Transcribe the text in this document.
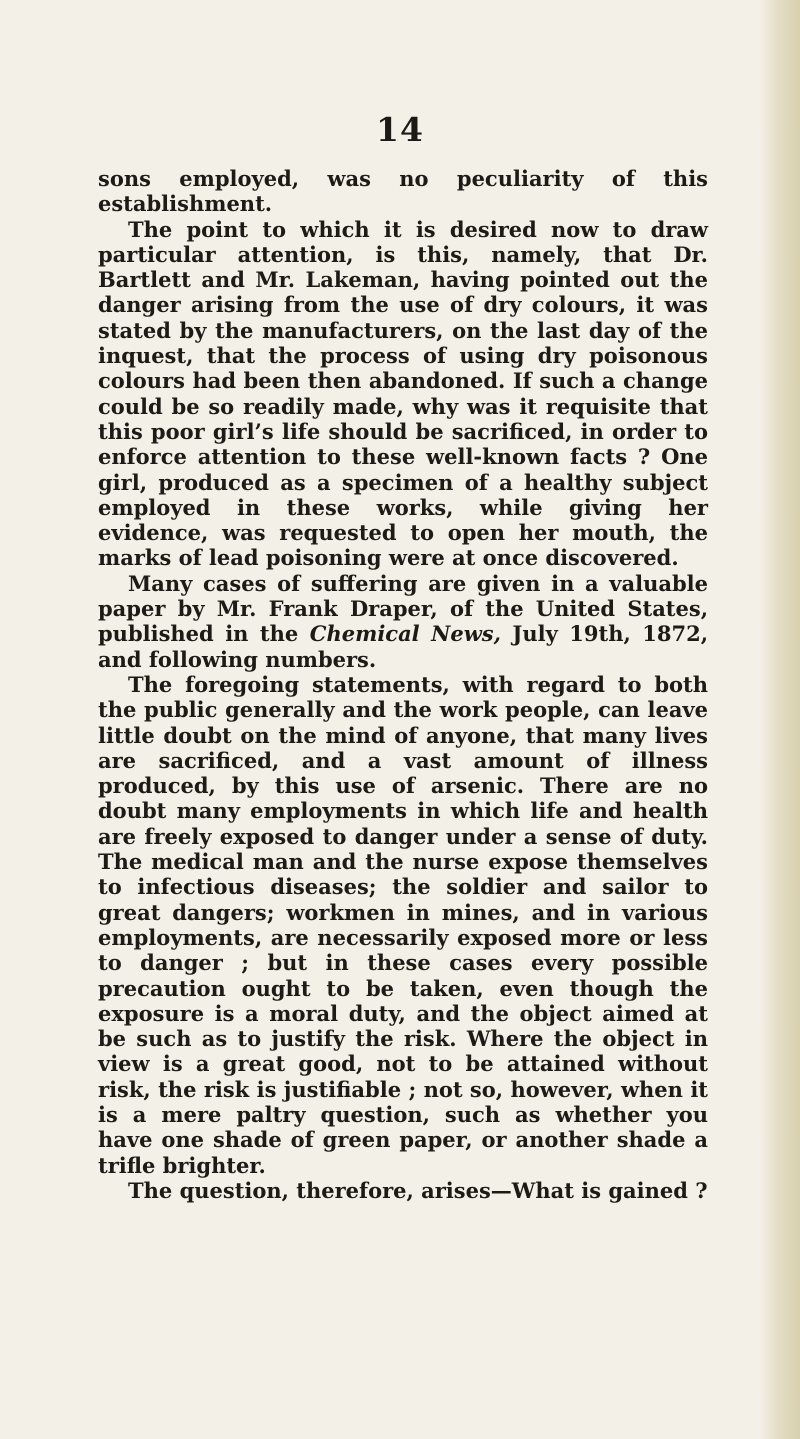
14

sons employed, was no peculiarity of this establishment.

The point to which it is desired now to draw particular attention, is this, namely, that Dr. Bartlett and Mr. Lakeman, having pointed out the danger arising from the use of dry colours, it was stated by the manufacturers, on the last day of the inquest, that the process of using dry poisonous colours had been then abandoned. If such a change could be so readily made, why was it requisite that this poor girl’s life should be sacrificed, in order to enforce attention to these well-known facts ? One girl, produced as a specimen of a healthy subject employed in these works, while giving her evidence, was requested to open her mouth, the marks of lead poisoning were at once discovered.

Many cases of suffering are given in a valuable paper by Mr. Frank Draper, of the United States, published in the Chemical News, July 19th, 1872, and following numbers.

The foregoing statements, with regard to both the public generally and the work people, can leave little doubt on the mind of anyone, that many lives are sacrificed, and a vast amount of illness produced, by this use of arsenic. There are no doubt many employments in which life and health are freely exposed to danger under a sense of duty. The medical man and the nurse expose themselves to infectious diseases; the soldier and sailor to great dangers; workmen in mines, and in various employments, are necessarily exposed more or less to danger ; but in these cases every possible precaution ought to be taken, even though the exposure is a moral duty, and the object aimed at be such as to justify the risk. Where the object in view is a great good, not to be attained without risk, the risk is justifiable ; not so, however, when it is a mere paltry question, such as whether you have one shade of green paper, or another shade a trifle brighter.

The question, therefore, arises—What is gained ?
